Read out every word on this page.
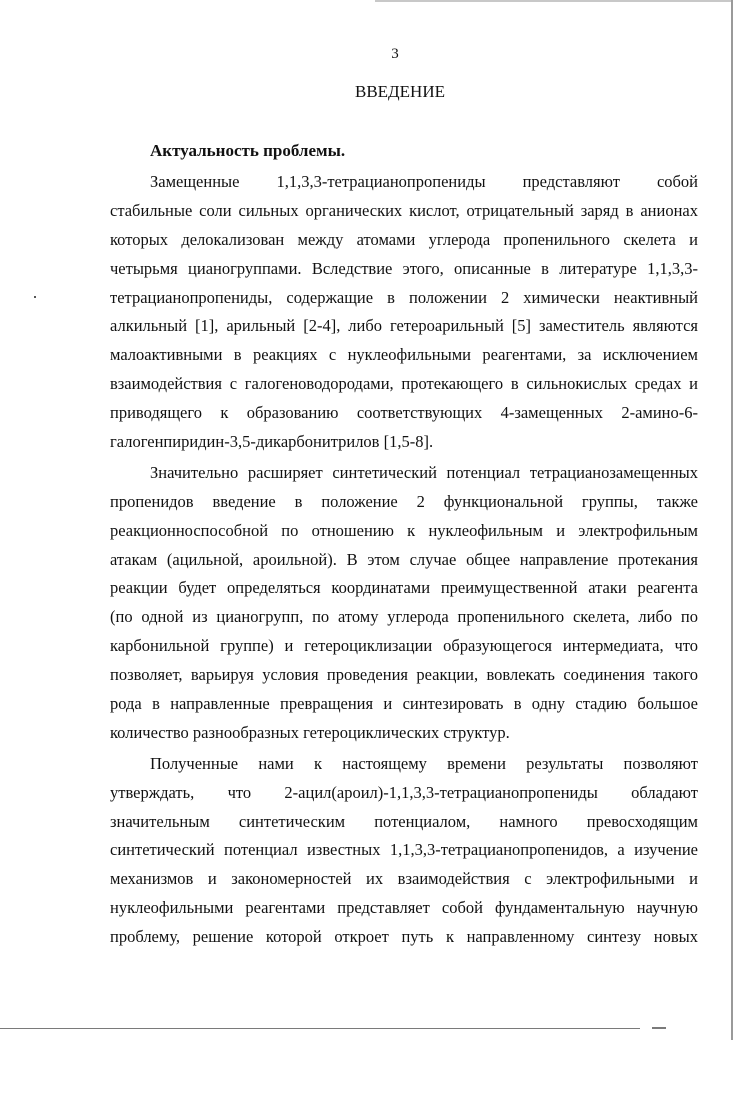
3
ВВЕДЕНИЕ
Актуальность проблемы.
Замещенные 1,1,3,3-тетрацианопропениды представляют собой
стабильные соли сильных органических кислот, отрицательный заряд в анионах
которых делокализован между атомами углерода пропенильного скелета и
четырьмя цианогруппами. Вследствие этого, описанные в литературе 1,1,3,3-
тетрацианопропениды, содержащие в положении 2 химически неактивный
алкильный [1], арильный [2-4], либо гетероарильный [5] заместитель являются
малоактивными в реакциях с нуклеофильными реагентами, за исключением
взаимодействия с галогеноводородами, протекающего в сильнокислых средах и
приводящего к образованию соответствующих 4-замещенных 2-амино-6-
галогенпиридин-3,5-дикарбонитрилов [1,5-8].
Значительно расширяет синтетический потенциал тетрацианозамещенных
пропенидов введение в положение 2 функциональной группы, также
реакционноспособной по отношению к нуклеофильным и электрофильным
атакам (ацильной, ароильной). В этом случае общее направление протекания
реакции будет определяться координатами преимущественной атаки реагента
(по одной из цианогрупп, по атому углерода пропенильного скелета, либо по
карбонильной группе) и гетероциклизации образующегося интермедиата, что
позволяет, варьируя условия проведения реакции, вовлекать соединения такого
рода в направленные превращения и синтезировать в одну стадию большое
количество разнообразных гетероциклических структур.
Полученные нами к настоящему времени результаты позволяют
утверждать, что 2-ацил(ароил)-1,1,3,3-тетрацианопропениды обладают
значительным синтетическим потенциалом, намного превосходящим
синтетический потенциал известных 1,1,3,3-тетрацианопропенидов, а изучение
механизмов и закономерностей их взаимодействия с электрофильными и
нуклеофильными реагентами представляет собой фундаментальную научную
проблему, решение которой откроет путь к направленному синтезу новых
